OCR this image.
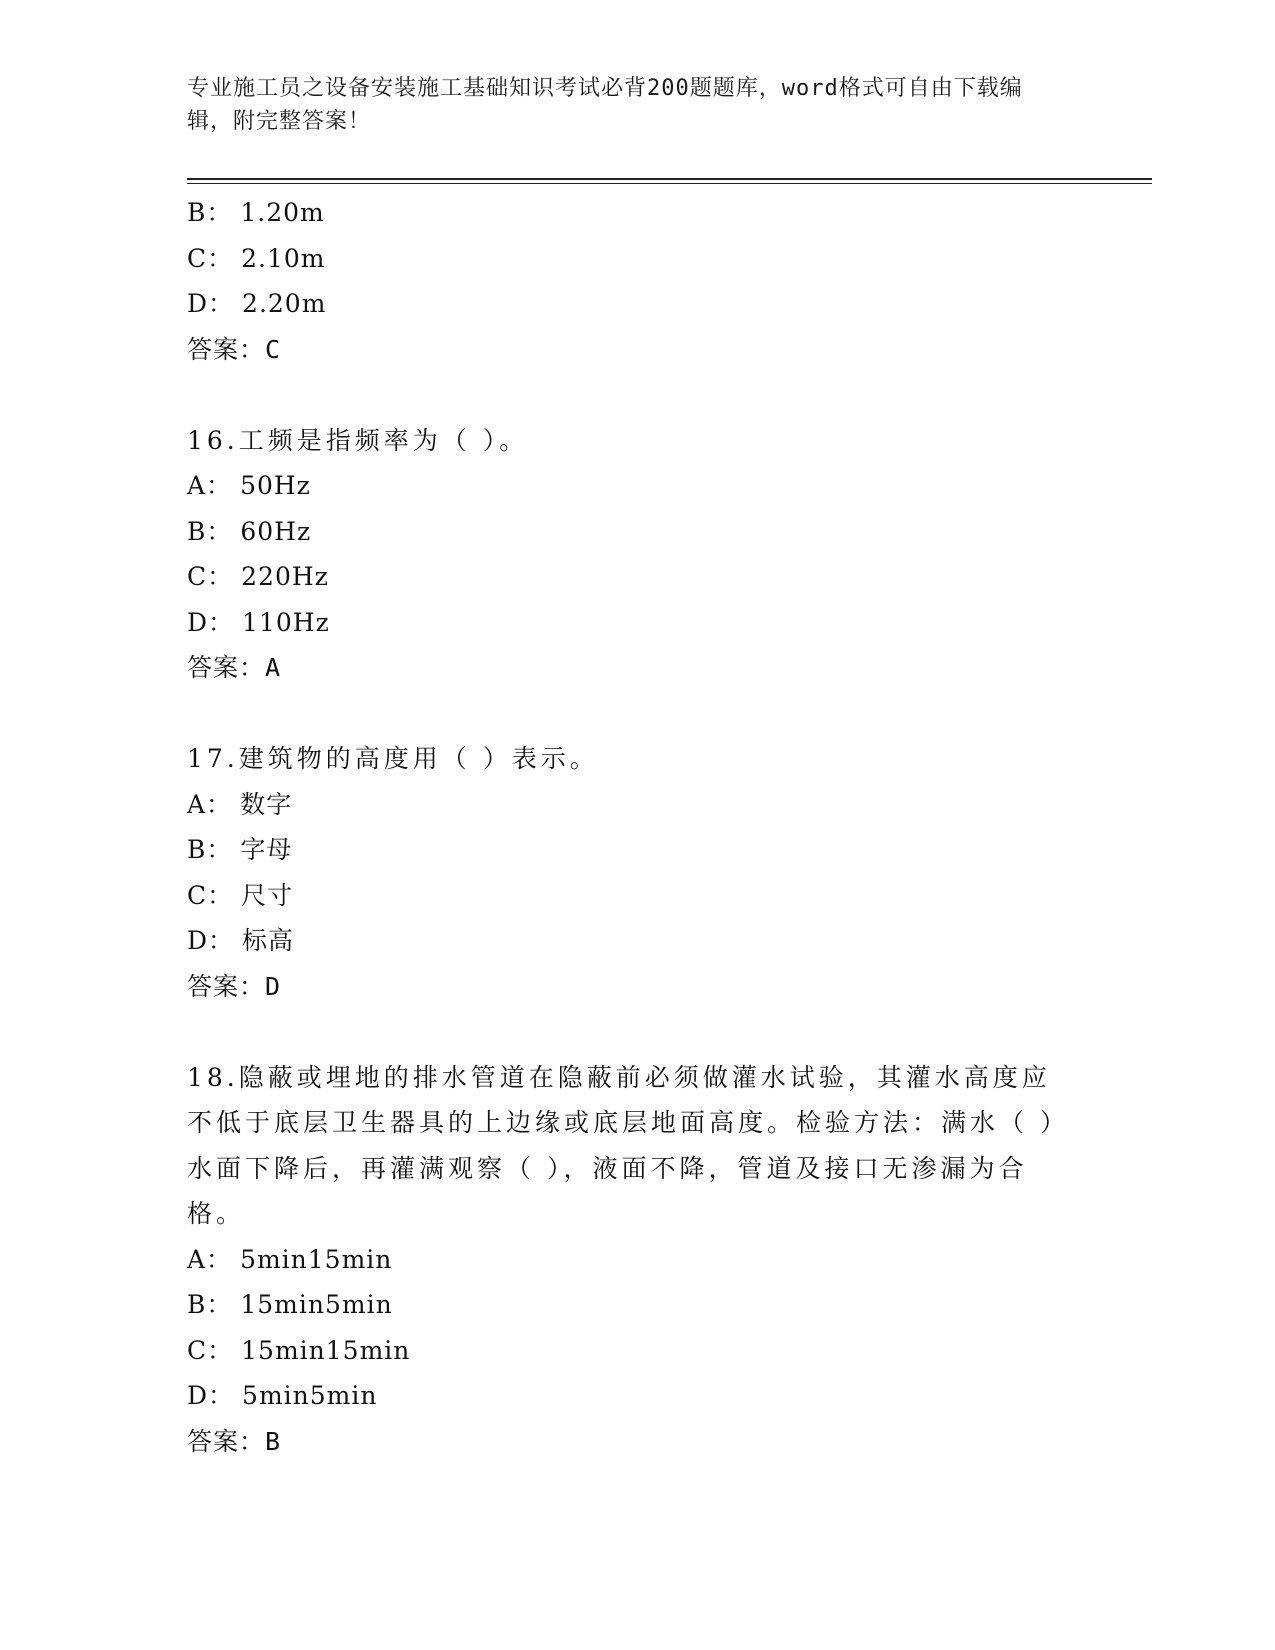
专业施工员之设备安装施工基础知识考试必背200题题库，word格式可自由下载编辑，附完整答案！
B： 1.20m
C： 2.10m
D： 2.20m
答案：C
16.工频是指频率为（ ）。
A： 50Hz
B： 60Hz
C： 220Hz
D： 110Hz
答案：A
17.建筑物的高度用（ ）表示。
A： 数字
B： 字母
C： 尺寸
D： 标高
答案：D
18.隐蔽或埋地的排水管道在隐蔽前必须做灌水试验，其灌水高度应不低于底层卫生器具的上边缘或底层地面高度。检验方法：满水（ ）水面下降后，再灌满观察（ ），液面不降，管道及接口无渗漏为合格。
A： 5min15min
B： 15min5min
C： 15min15min
D： 5min5min
答案：B
